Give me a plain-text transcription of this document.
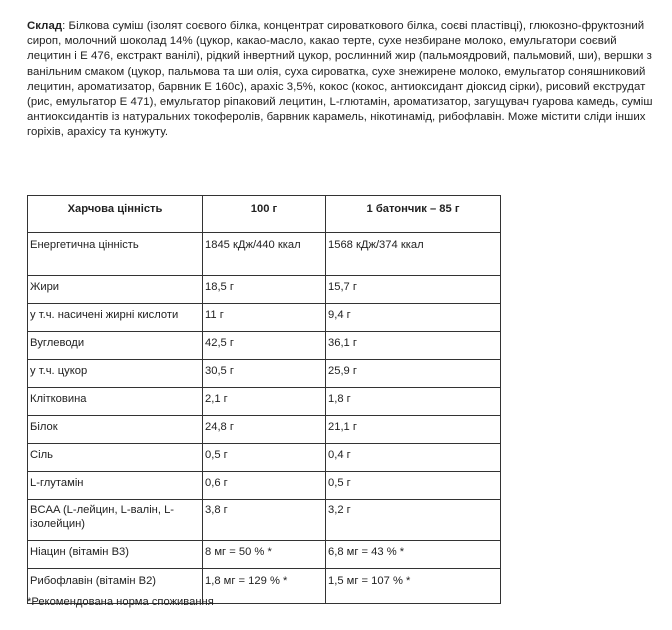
Склад: Білкова суміш (ізолят соєвого білка, концентрат сироваткового білка, соєві пластівці), глюкозно-фруктозний сироп, молочний шоколад 14% (цукор, какао-масло, какао терте, сухе незбиране молоко, емульгатори соєвий лецитин і Е 476, екстракт ванілі), рідкий інвертний цукор, рослинний жир (пальмоядровий, пальмовий, ши), вершки з ванільним смаком (цукор, пальмова та ши олія, суха сироватка, сухе знежирене молоко, емульгатор соняшниковий лецитин, ароматизатор, барвник Е 160с), арахіс 3,5%, кокос (кокос, антиоксидант діоксид сірки), рисовий екструдат (рис, емульгатор Е 471), емульгатор ріпаковий лецитин, L-глютамін, ароматизатор, загущувач гуарова камедь, суміш антиоксидантів із натуральних токоферолів, барвник карамель, нікотинамід, рибофлавін. Може містити сліди інших горіхів, арахісу та кунжуту.
Харчова цінність	100 г	1 батончик – 85 г
Енергетична цінність	1845 кДж/440 ккал	1568 кДж/374 ккал
Жири	18,5 г	15,7 г
у т.ч. насичені жирні кислоти	11 г	9,4 г
Вуглеводи	42,5 г	36,1 г
у т.ч. цукор	30,5 г	25,9 г
Клітковина	2,1 г	1,8 г
Білок	24,8 г	21,1 г
Сіль	0,5 г	0,4 г
L-глутамін	0,6 г	0,5 г
BCAA (L-лейцин, L-валін, L-ізолейцин)	3,8 г	3,2 г
Ніацин (вітамін В3)	8 мг = 50 % *	6,8 мг = 43 % *
Рибофлавін (вітамін В2)	1,8 мг = 129 % *	1,5 мг = 107 % *
*Рекомендована норма споживання
